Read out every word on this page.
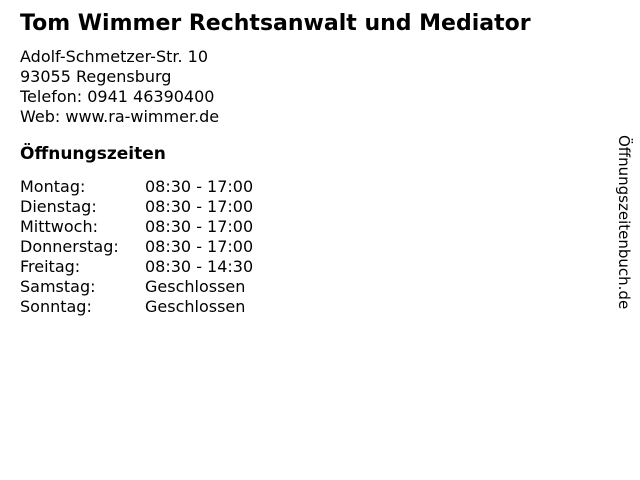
Tom Wimmer Rechtsanwalt und Mediator
Adolf-Schmetzer-Str. 10
93055 Regensburg
Telefon: 0941 46390400
Web: www.ra-wimmer.de
Öffnungszeiten
Montag:	08:30 - 17:00
Dienstag:	08:30 - 17:00
Mittwoch:	08:30 - 17:00
Donnerstag:	08:30 - 17:00
Freitag:	08:30 - 14:30
Samstag:	Geschlossen
Sonntag:	Geschlossen	Öffnungszeitenbuch.de
